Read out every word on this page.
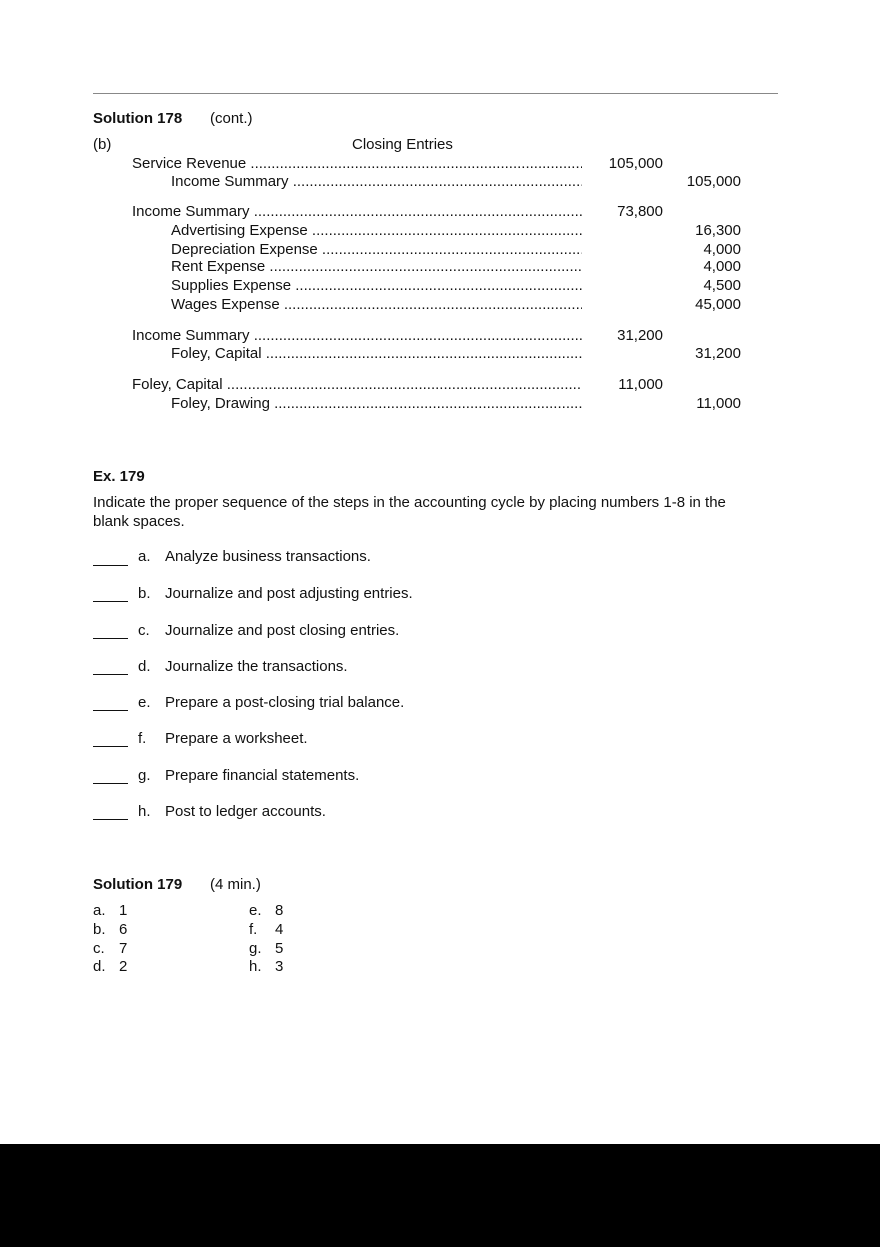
Solution 178 (cont.)
(b)	Closing Entries
Service Revenue .....	105,000
Income Summary .....	105,000
Income Summary .....	73,800
Advertising Expense .....	16,300
Depreciation Expense .....	4,000
Rent Expense .....	4,000
Supplies Expense .....	4,500
Wages Expense .....	45,000
Income Summary .....	31,200
Foley, Capital .....	31,200
Foley, Capital .....	11,000
Foley, Drawing .....	11,000
Ex. 179
Indicate the proper sequence of the steps in the accounting cycle by placing numbers 1-8 in the
blank spaces.
a. Analyze business transactions.
b. Journalize and post adjusting entries.
c. Journalize and post closing entries.
d. Journalize the transactions.
e. Prepare a post-closing trial balance.
f. Prepare a worksheet.
g. Prepare financial statements.
h. Post to ledger accounts.
Solution 179 (4 min.)
a. 1
b. 6
c. 7
d. 2
e. 8
f. 4
g. 5
h. 3
